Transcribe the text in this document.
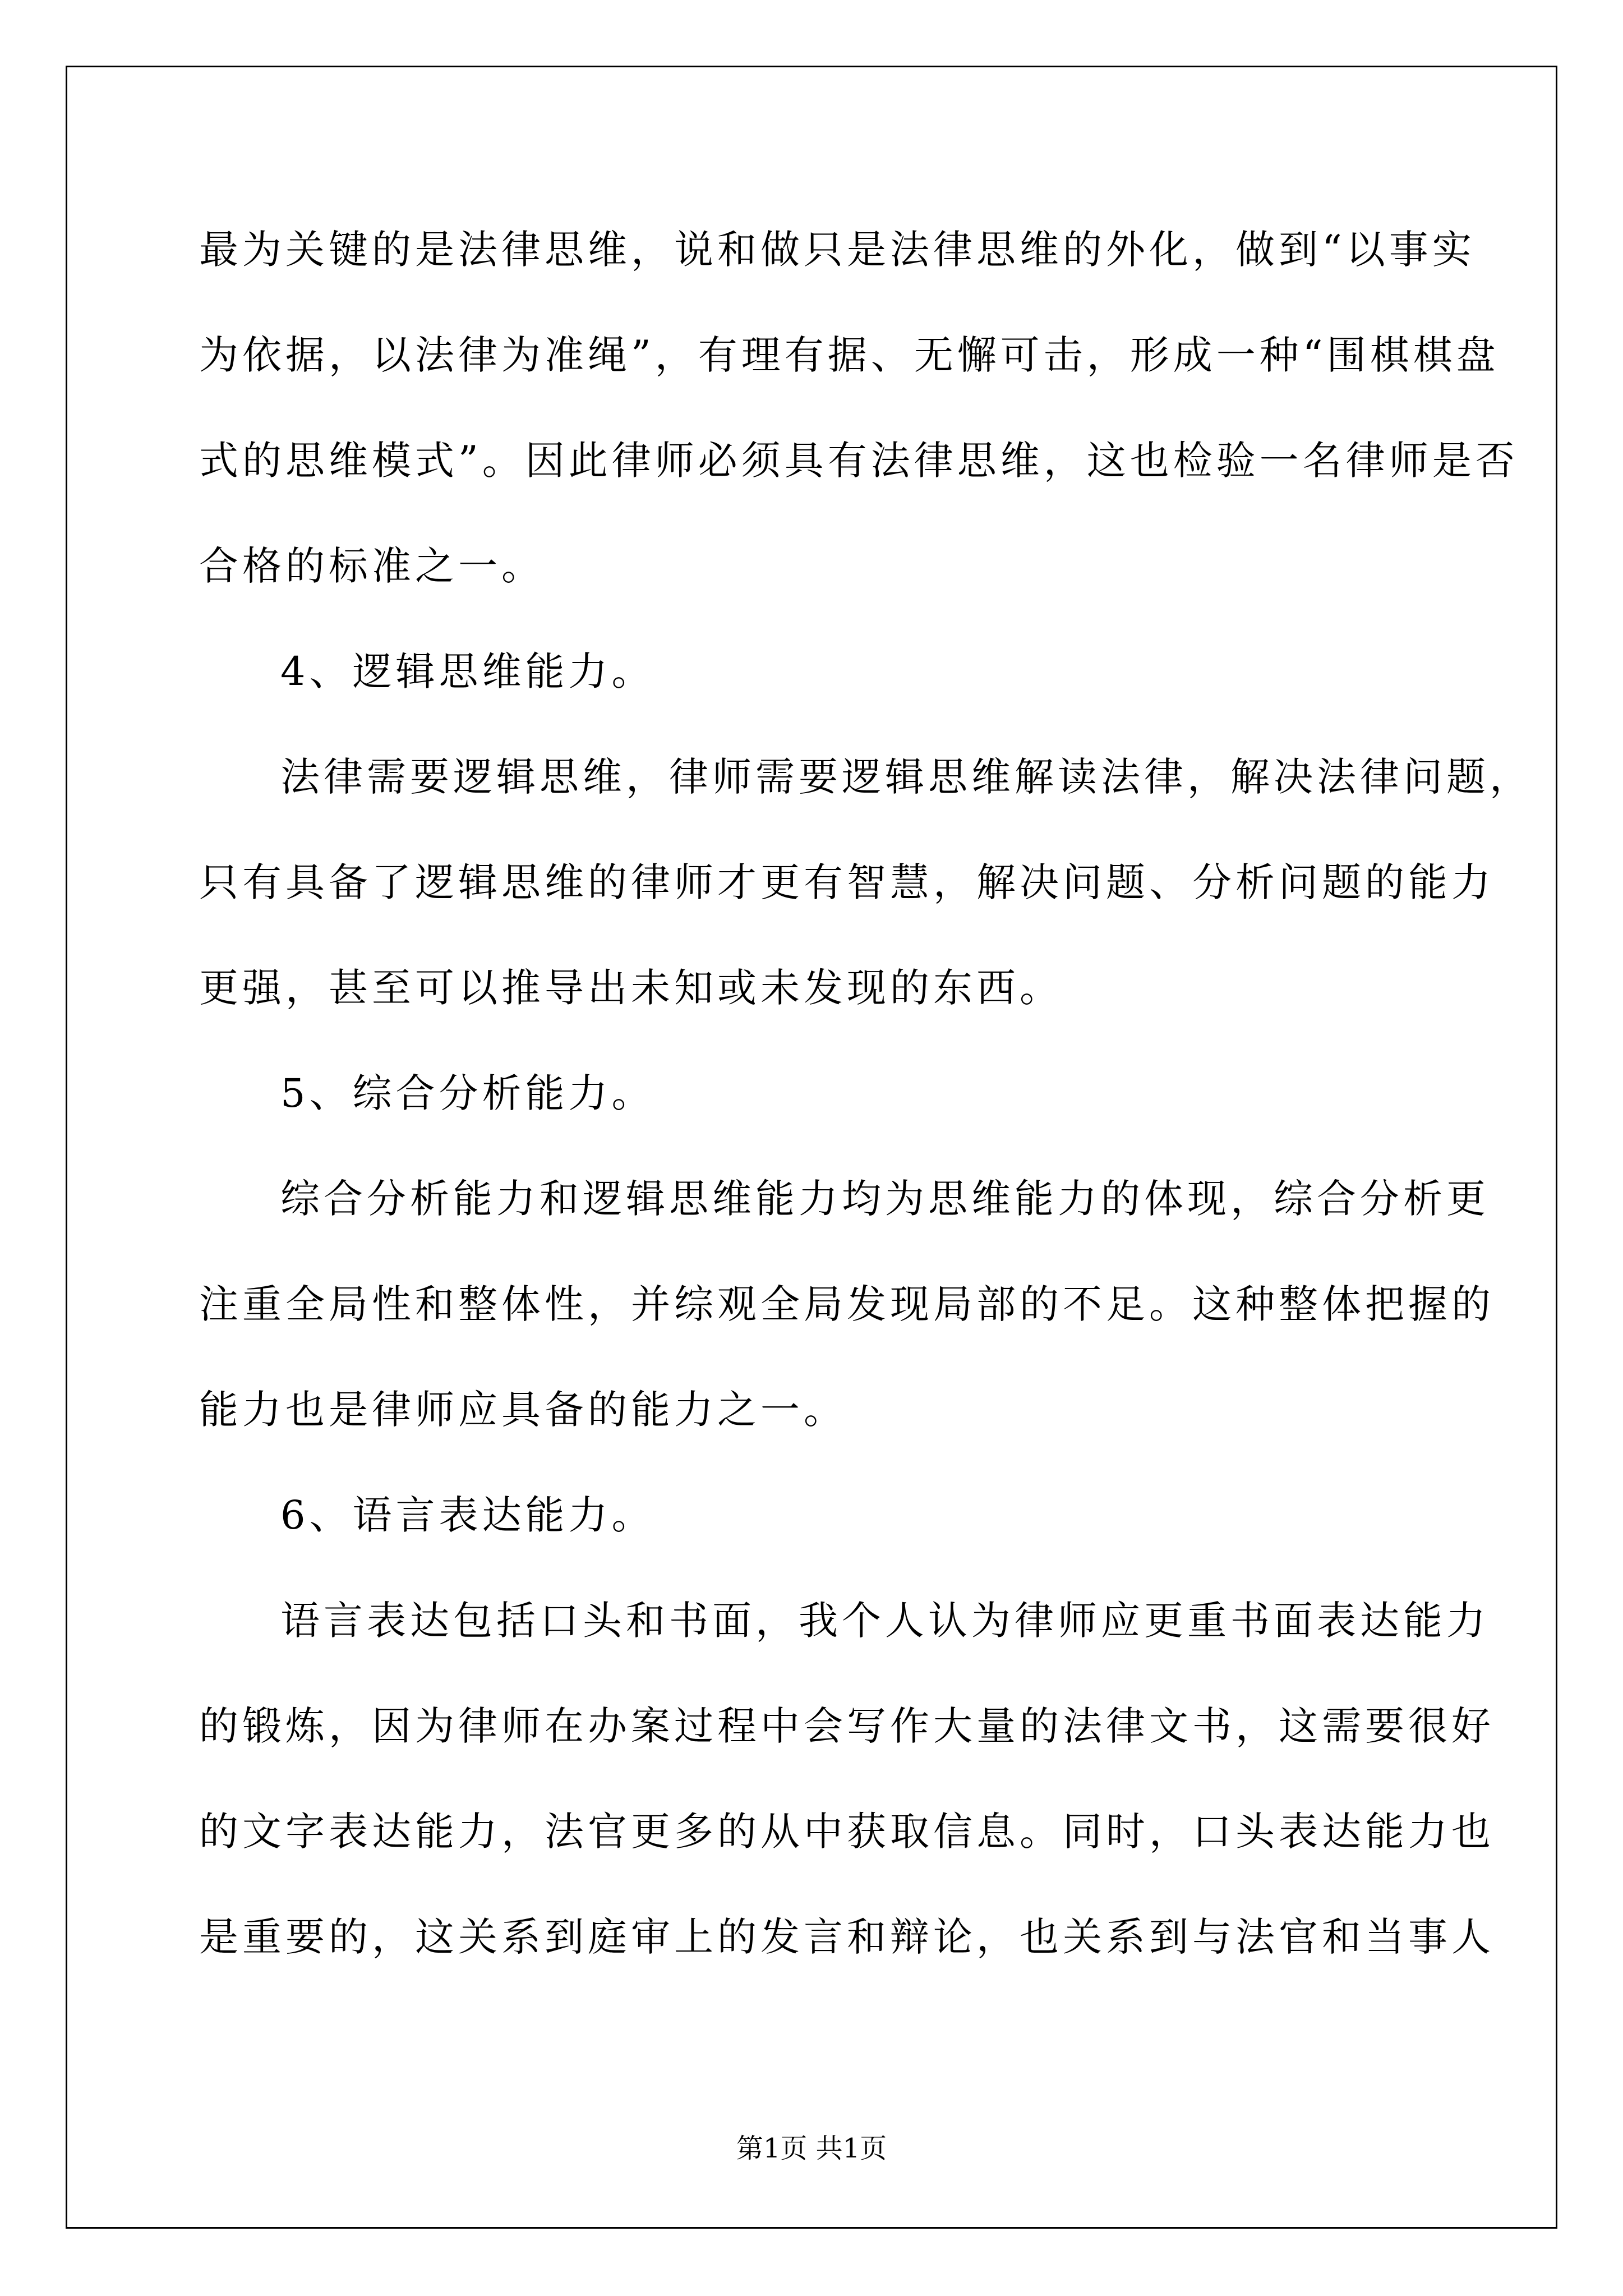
最为关键的是法律思维，说和做只是法律思维的外化，做到“以事实
为依据，以法律为准绳”，有理有据、无懈可击，形成一种“围棋棋盘
式的思维模式”。因此律师必须具有法律思维，这也检验一名律师是否
合格的标准之一。
4、逻辑思维能力。
法律需要逻辑思维，律师需要逻辑思维解读法律，解决法律问题，
只有具备了逻辑思维的律师才更有智慧，解决问题、分析问题的能力
更强，甚至可以推导出未知或未发现的东西。
5、综合分析能力。
综合分析能力和逻辑思维能力均为思维能力的体现，综合分析更
注重全局性和整体性，并综观全局发现局部的不足。这种整体把握的
能力也是律师应具备的能力之一。
6、语言表达能力。
语言表达包括口头和书面，我个人认为律师应更重书面表达能力
的锻炼，因为律师在办案过程中会写作大量的法律文书，这需要很好
的文字表达能力，法官更多的从中获取信息。同时，口头表达能力也
是重要的，这关系到庭审上的发言和辩论，也关系到与法官和当事人
第1页 共1页
